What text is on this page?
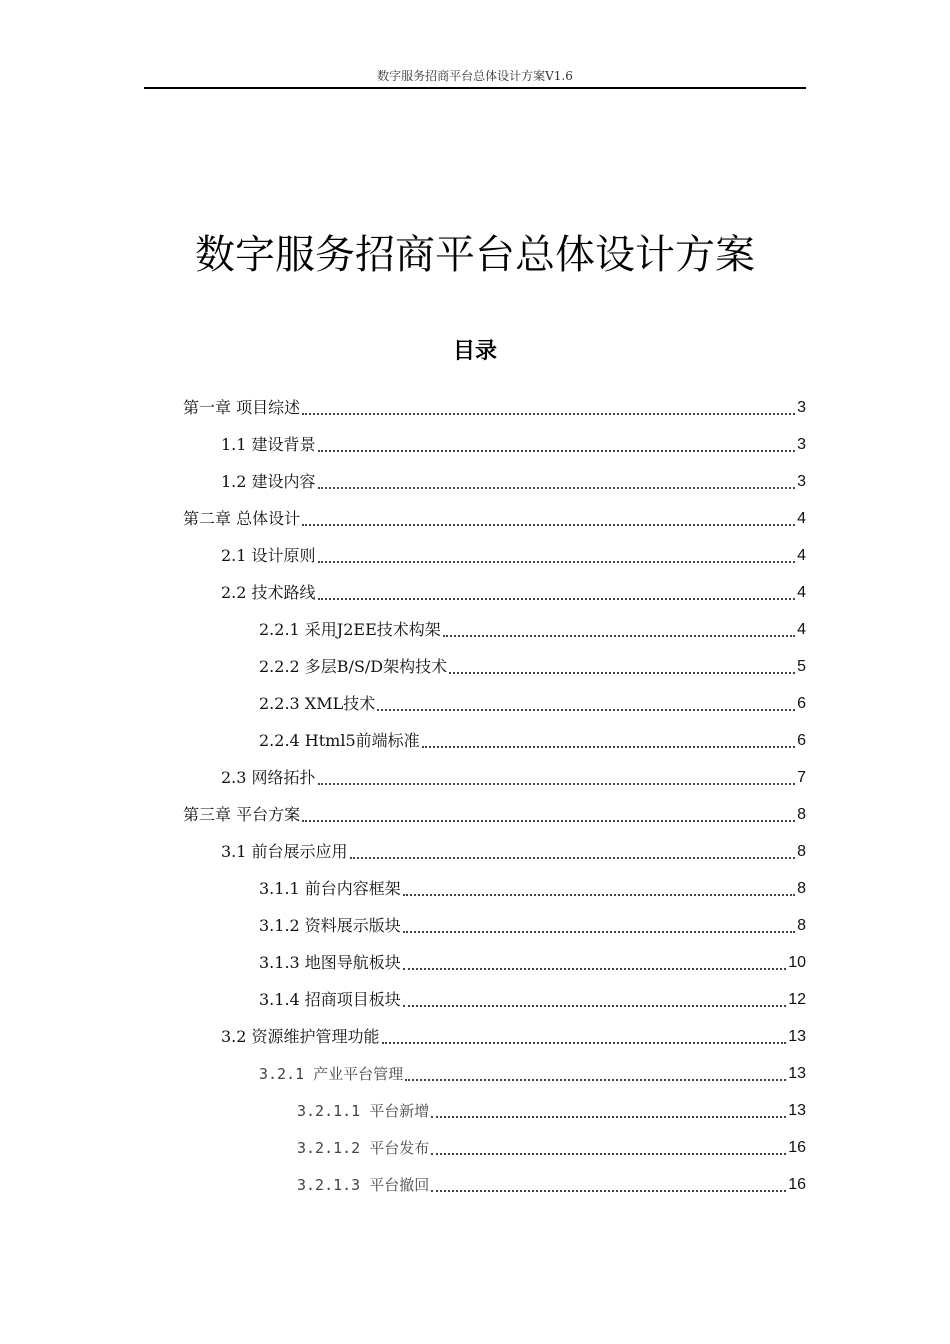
数字服务招商平台总体设计方案V1.6
数字服务招商平台总体设计方案
目录
第一章 项目综述	3
1.1 建设背景	3
1.2 建设内容	3
第二章 总体设计	4
2.1 设计原则	4
2.2 技术路线	4
2.2.1 采用J2EE技术构架	4
2.2.2 多层B/S/D架构技术	5
2.2.3 XML技术	6
2.2.4 Html5前端标准	6
2.3 网络拓扑	7
第三章 平台方案	8
3.1 前台展示应用	8
3.1.1 前台内容框架	8
3.1.2 资料展示版块	8
3.1.3 地图导航板块	10
3.1.4 招商项目板块	12
3.2 资源维护管理功能	13
3.2.1 产业平台管理	13
3.2.1.1 平台新增	13
3.2.1.2 平台发布	16
3.2.1.3 平台撤回	16
